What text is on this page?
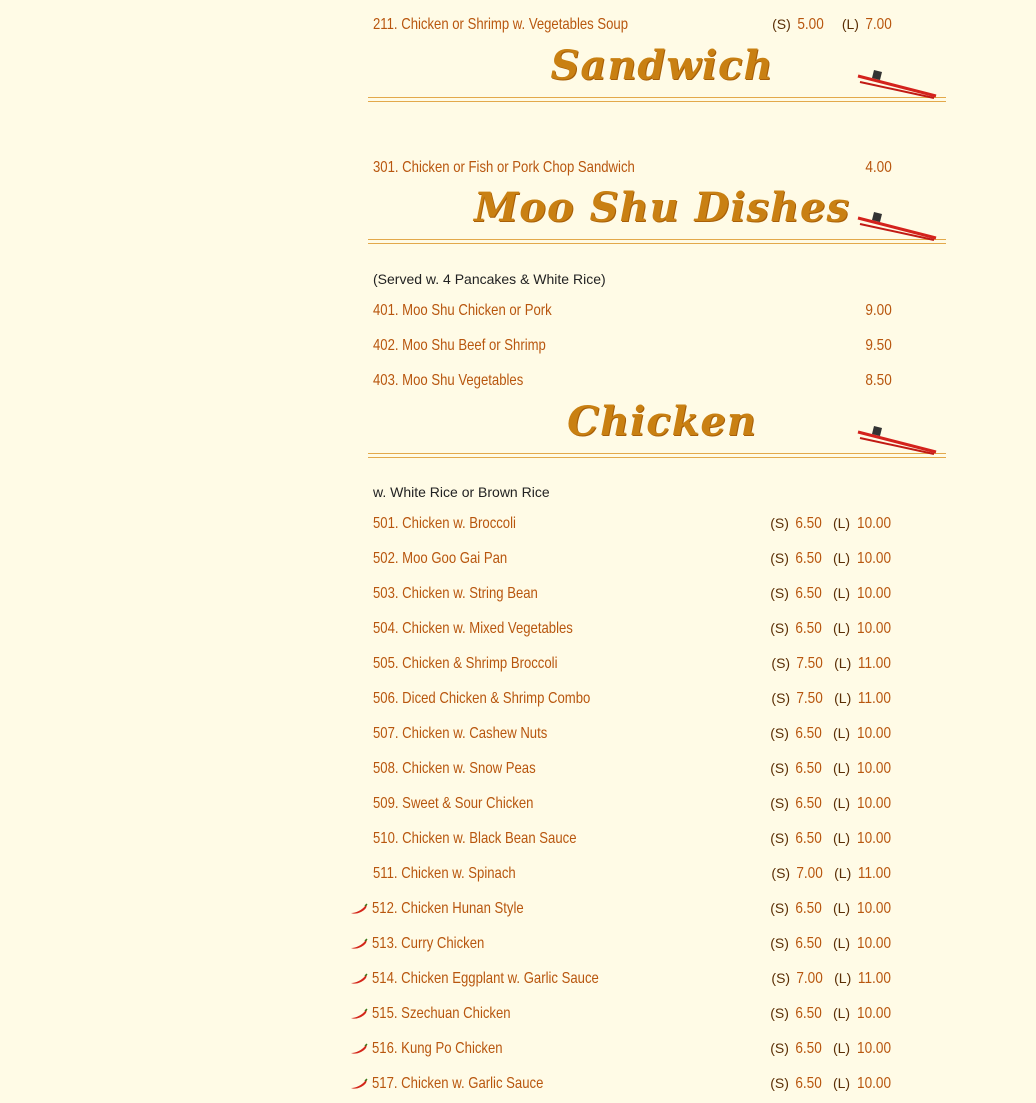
211. Chicken or Shrimp w. Vegetables Soup	(S) 5.00 (L) 7.00
Sandwich
301. Chicken or Fish or Pork Chop Sandwich	4.00
Moo Shu Dishes
(Served w. 4 Pancakes & White Rice)
401. Moo Shu Chicken or Pork	9.00
402. Moo Shu Beef or Shrimp	9.50
403. Moo Shu Vegetables	8.50
Chicken
w. White Rice or Brown Rice
501. Chicken w. Broccoli	(S) 6.50 (L) 10.00
502. Moo Goo Gai Pan	(S) 6.50 (L) 10.00
503. Chicken w. String Bean	(S) 6.50 (L) 10.00
504. Chicken w. Mixed Vegetables	(S) 6.50 (L) 10.00
505. Chicken & Shrimp Broccoli	(S) 7.50 (L) 11.00
506. Diced Chicken & Shrimp Combo	(S) 7.50 (L) 11.00
507. Chicken w. Cashew Nuts	(S) 6.50 (L) 10.00
508. Chicken w. Snow Peas	(S) 6.50 (L) 10.00
509. Sweet & Sour Chicken	(S) 6.50 (L) 10.00
510. Chicken w. Black Bean Sauce	(S) 6.50 (L) 10.00
511. Chicken w. Spinach	(S) 7.00 (L) 11.00
512. Chicken Hunan Style	(S) 6.50 (L) 10.00
513. Curry Chicken	(S) 6.50 (L) 10.00
514. Chicken Eggplant w. Garlic Sauce	(S) 7.00 (L) 11.00
515. Szechuan Chicken	(S) 6.50 (L) 10.00
516. Kung Po Chicken	(S) 6.50 (L) 10.00
517. Chicken w. Garlic Sauce	(S) 6.50 (L) 10.00
